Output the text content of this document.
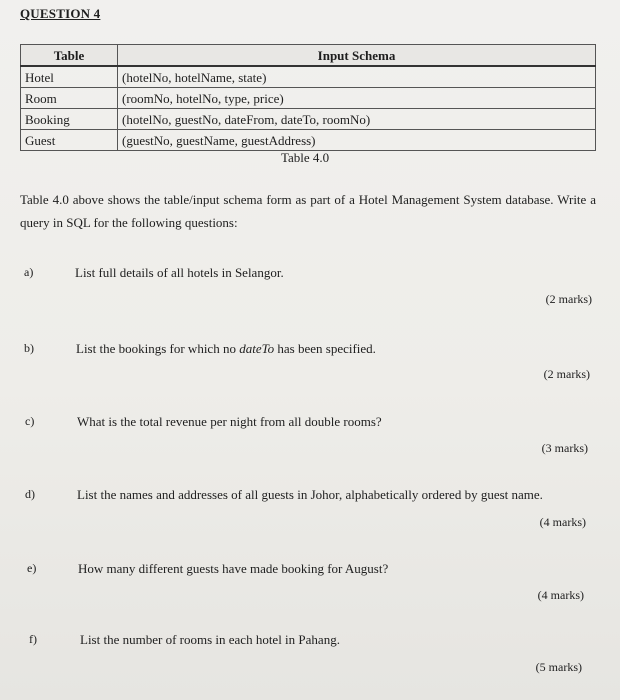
QUESTION 4
Table	Input Schema
Hotel	(hotelNo, hotelName, state)
Room	(roomNo, hotelNo, type, price)
Booking	(hotelNo, guestNo, dateFrom, dateTo, roomNo)
Guest	(guestNo, guestName, guestAddress)
Table 4.0
Table 4.0 above shows the table/input schema form as part of a Hotel Management System database. Write a query in SQL for the following questions:
a)	List full details of all hotels in Selangor.
(2 marks)
b)	List the bookings for which no dateTo has been specified.
(2 marks)
c)	What is the total revenue per night from all double rooms?
(3 marks)
d)	List the names and addresses of all guests in Johor, alphabetically ordered by guest name.
(4 marks)
e)	How many different guests have made booking for August?
(4 marks)
f)	List the number of rooms in each hotel in Pahang.
(5 marks)
